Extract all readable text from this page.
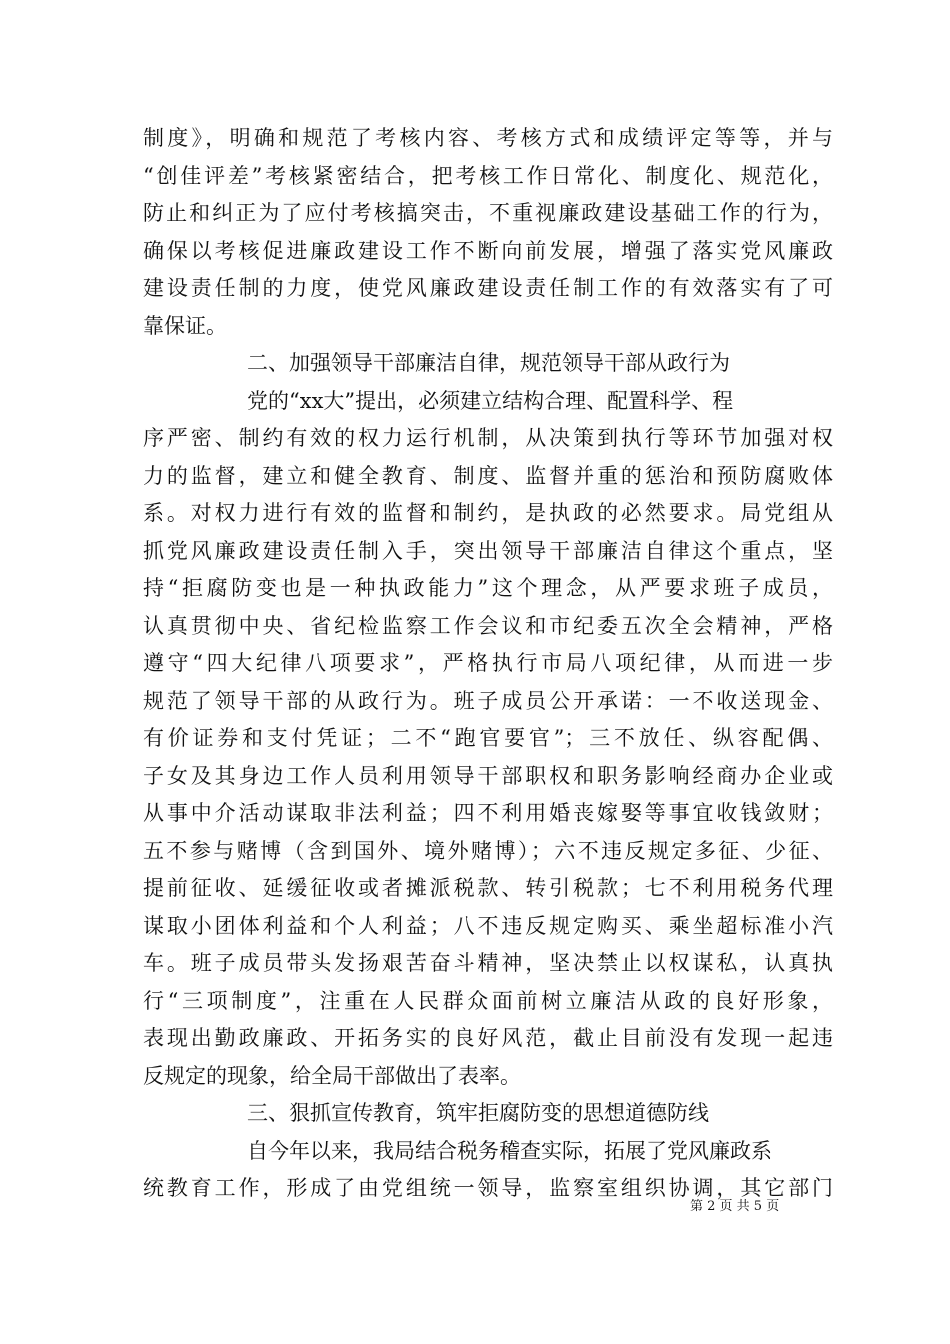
制度》，明确和规范了考核内容、考核方式和成绩评定等等，并与
“创佳评差”考核紧密结合，把考核工作日常化、制度化、规范化，
防止和纠正为了应付考核搞突击，不重视廉政建设基础工作的行为，
确保以考核促进廉政建设工作不断向前发展，增强了落实党风廉政
建设责任制的力度，使党风廉政建设责任制工作的有效落实有了可
靠保证。
二、加强领导干部廉洁自律，规范领导干部从政行为
党的“xx大”提出，必须建立结构合理、配置科学、程
序严密、制约有效的权力运行机制，从决策到执行等环节加强对权
力的监督，建立和健全教育、制度、监督并重的惩治和预防腐败体
系。对权力进行有效的监督和制约，是执政的必然要求。局党组从
抓党风廉政建设责任制入手，突出领导干部廉洁自律这个重点，坚
持“拒腐防变也是一种执政能力”这个理念，从严要求班子成员，
认真贯彻中央、省纪检监察工作会议和市纪委五次全会精神，严格
遵守“四大纪律八项要求”，严格执行市局八项纪律，从而进一步
规范了领导干部的从政行为。班子成员公开承诺：一不收送现金、
有价证券和支付凭证；二不“跑官要官”；三不放任、纵容配偶、
子女及其身边工作人员利用领导干部职权和职务影响经商办企业或
从事中介活动谋取非法利益；四不利用婚丧嫁娶等事宜收钱敛财；
五不参与赌博（含到国外、境外赌博）；六不违反规定多征、少征、
提前征收、延缓征收或者摊派税款、转引税款；七不利用税务代理
谋取小团体利益和个人利益；八不违反规定购买、乘坐超标准小汽
车。班子成员带头发扬艰苦奋斗精神，坚决禁止以权谋私，认真执
行“三项制度”，注重在人民群众面前树立廉洁从政的良好形象，
表现出勤政廉政、开拓务实的良好风范，截止目前没有发现一起违
反规定的现象，给全局干部做出了表率。
三、狠抓宣传教育，筑牢拒腐防变的思想道德防线
自今年以来，我局结合税务稽查实际，拓展了党风廉政系
统教育工作，形成了由党组统一领导，监察室组织协调，其它部门
第 2 页 共 5 页
